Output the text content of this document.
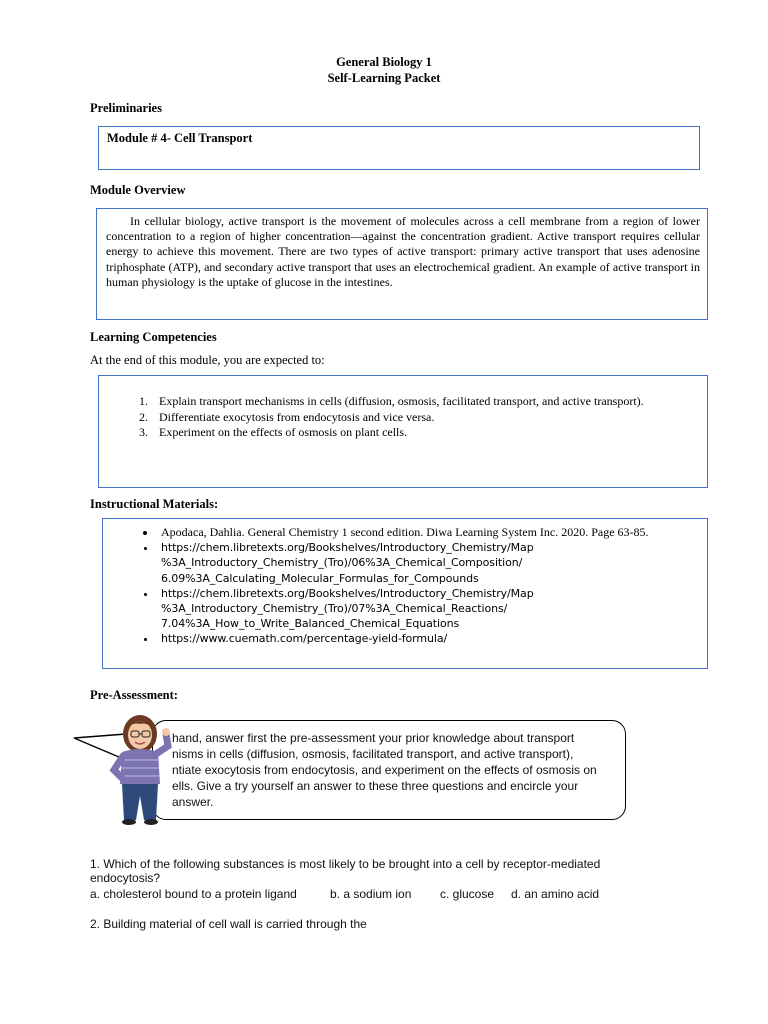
General Biology 1
Self-Learning Packet
Preliminaries
Module # 4- Cell Transport
Module Overview

In cellular biology, active transport is the movement of molecules across a cell membrane from a region of lower concentration to a region of higher concentration—against the concentration gradient. Active transport requires cellular energy to achieve this movement. There are two types of active transport: primary active transport that uses adenosine triphosphate (ATP), and secondary active transport that uses an electrochemical gradient. An example of active transport in human physiology is the uptake of glucose in the intestines.

Learning Competencies
At the end of this module, you are expected to:
1. Explain transport mechanisms in cells (diffusion, osmosis, facilitated transport, and active transport).
2. Differentiate exocytosis from endocytosis and vice versa.
3. Experiment on the effects of osmosis on plant cells.
Instructional Materials:
• Apodaca, Dahlia. General Chemistry 1 second edition. Diwa Learning System Inc. 2020. Page 63-85.
• https://chem.libretexts.org/Bookshelves/Introductory_Chemistry/Map %3A_Introductory_Chemistry_(Tro)/06%3A_Chemical_Composition/ 6.09%3A_Calculating_Molecular_Formulas_for_Compounds
• https://chem.libretexts.org/Bookshelves/Introductory_Chemistry/Map %3A_Introductory_Chemistry_(Tro)/07%3A_Chemical_Reactions/ 7.04%3A_How_to_Write_Balanced_Chemical_Equations
• https://www.cuemath.com/percentage-yield-formula/
Pre-Assessment:
hand, answer first the pre-assessment your prior knowledge about transport
nisms in cells (diffusion, osmosis, facilitated transport, and active transport),
ntiate exocytosis from endocytosis, and experiment on the effects of osmosis on
ells. Give a try yourself an answer to these three questions and encircle your
answer.
1. Which of the following substances is most likely to be brought into a cell by receptor-mediated
endocytosis?
a. cholesterol bound to a protein ligand	b. a sodium ion c. glucose d. an amino acid
2. Building material of cell wall is carried through the
